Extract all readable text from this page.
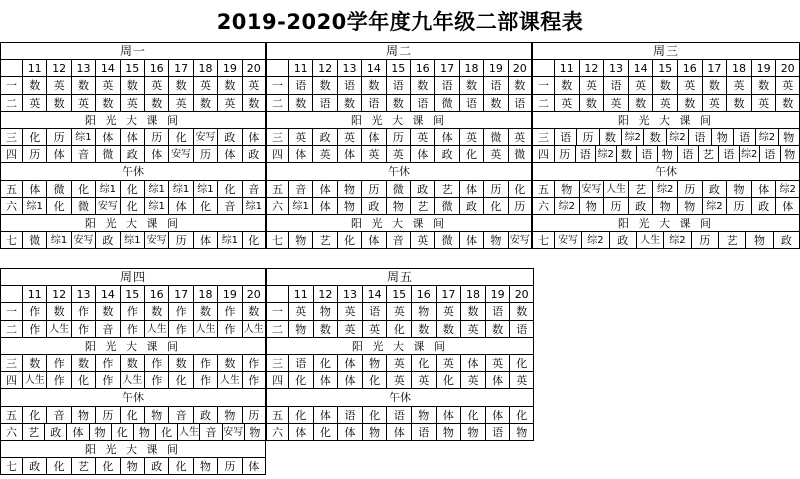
2019-2020学年度九年级二部课程表
周一
11 12 13 14 15 16 17 18 19 20
一	数	英	数	英	数	英	数	英	数	英
二	英	数	英	数	英	数	英	数	英	数
阳 光 大 课 间
三	化	历	综1 体	体	历	化 安写 政	体
四	历	体	音	微	政	体 安写 历	体	政
午休
五	体	微	化	综1 化	综1 综1 综1 化	音
六 综1 化	微 安写 化	综1 体	化	音	综1
阳 光 大 课 间
七	微	综1 安写 政	综1 安写 历	体	综1 化
周二
11 12 13 14 15 16 17 18 19 20
一	语	数	语	数	语	数	语	数	语	数
二	数	语	数	语	数	语	微	语	数	语
阳 光 大 课 间
三	英	政	英	体	历	英	体	英	微	英
四	体	英	体	英	英	体	政	化	英	微
午休
五	音	体	物	历	微	政	艺	体	历	化
六 综1 体	物	政	物	艺	微	政	化	历
阳 光 大 课 间
七	物	艺	化	体	音	英	微	体	物 安写
周三
11 12 13 14 15 16 17 18 19 20
一	数	英	语	英	数	英	数	英	数	英
二	英	数	英	数	英	数	英	数	英	数
阳 光 大 课 间
三	语	历	数 综2 数 综2 语	物	语 综2 物
四 历 语 综2 数 语 物 语 艺 语 综2 语 物
午休
五	物 安写 人生 艺	综2 历	政	物	体	综2
六 综2 物	历	政	物	物	综2 历	政	体
阳 光 大 课 间
七 安写 综2	政	人生 综2	历	艺	物	政
周四
11 12 13 14 15 16 17 18 19 20
一	作	数	作	数	作	数	作	数	作	数
二	作 人生 作	音	作 人生 作 人生 作 人生
阳 光 大 课 间
三	数	作	数	作	数	作	数	作	数	作
四 人生 作	化	作 人生 作	化	作 人生 作
午休
五	化	音	物	历	化	物	音	政	物	历
六	艺	政	体	物	化	物	化 人生 音 安写 物
阳 光 大 课 间
七	政	化	艺	化	物	政	化	物	历	体
周五
11 12 13 14 15 16 17 18 19 20
一	英	物	英	语	英	物	英	数	语	数
二	物	数	英	英	化	数	数	英	数	语
阳 光 大 课 间
三	语	化	体	物	英	化	英	体	英	化
四	化	体	体	化	英	英	化	英	体	英
午休
五	化	体	语	化	语	物	体	化	体	化
六	体	化	体	物	体	语	物	物	语	物
